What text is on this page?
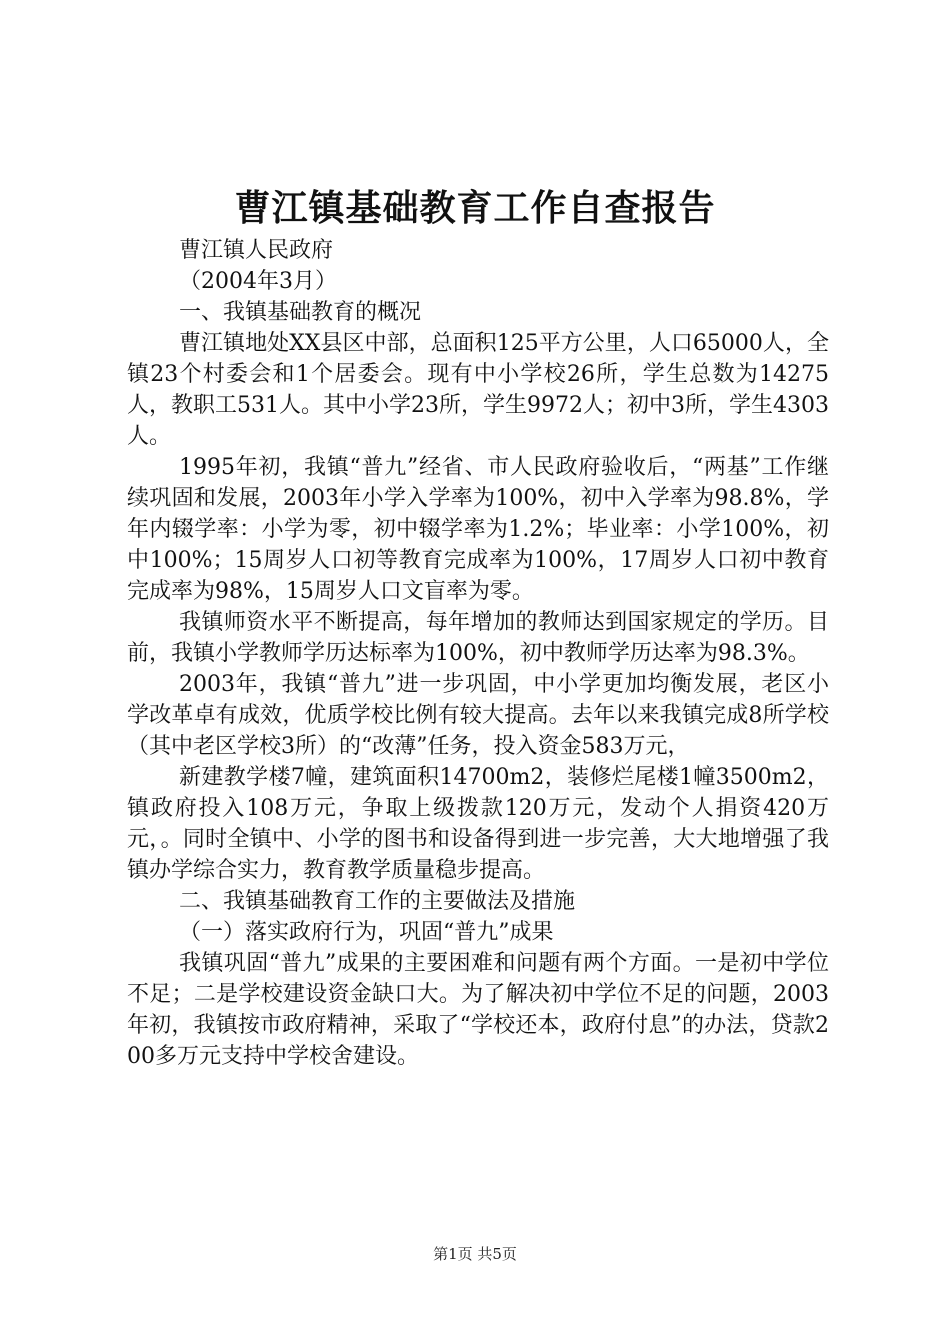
曹江镇基础教育工作自查报告

曹江镇人民政府

（2004年3月）

一、我镇基础教育的概况

曹江镇地处XX县区中部，总面积125平方公里，人口65000人，全镇23个村委会和1个居委会。现有中小学校26所，学生总数为14275人，教职工531人。其中小学23所，学生9972人；初中3所，学生4303人。

1995年初，我镇“普九”经省、市人民政府验收后，“两基”工作继续巩固和发展，2003年小学入学率为100%，初中入学率为98.8%，学年内辍学率：小学为零，初中辍学率为1.2%；毕业率：小学100%，初中100%；15周岁人口初等教育完成率为100%，17周岁人口初中教育完成率为98%，15周岁人口文盲率为零。

我镇师资水平不断提高，每年增加的教师达到国家规定的学历。目前，我镇小学教师学历达标率为100%，初中教师学历达率为98.3%。

2003年，我镇“普九”进一步巩固，中小学更加均衡发展，老区小学改革卓有成效，优质学校比例有较大提高。去年以来我镇完成8所学校（其中老区学校3所）的“改薄”任务，投入资金583万元，

新建教学楼7幢，建筑面积14700m2，装修烂尾楼1幢3500m2，镇政府投入108万元，争取上级拨款120万元，发动个人捐资420万元，。同时全镇中、小学的图书和设备得到进一步完善，大大地增强了我镇办学综合实力，教育教学质量稳步提高。

二、我镇基础教育工作的主要做法及措施

（一）落实政府行为，巩固“普九”成果

我镇巩固“普九”成果的主要困难和问题有两个方面。一是初中学位不足；二是学校建设资金缺口大。为了解决初中学位不足的问题，2003年初，我镇按市政府精神，采取了“学校还本，政府付息”的办法，贷款200多万元支持中学校舍建设。

第1页 共5页
